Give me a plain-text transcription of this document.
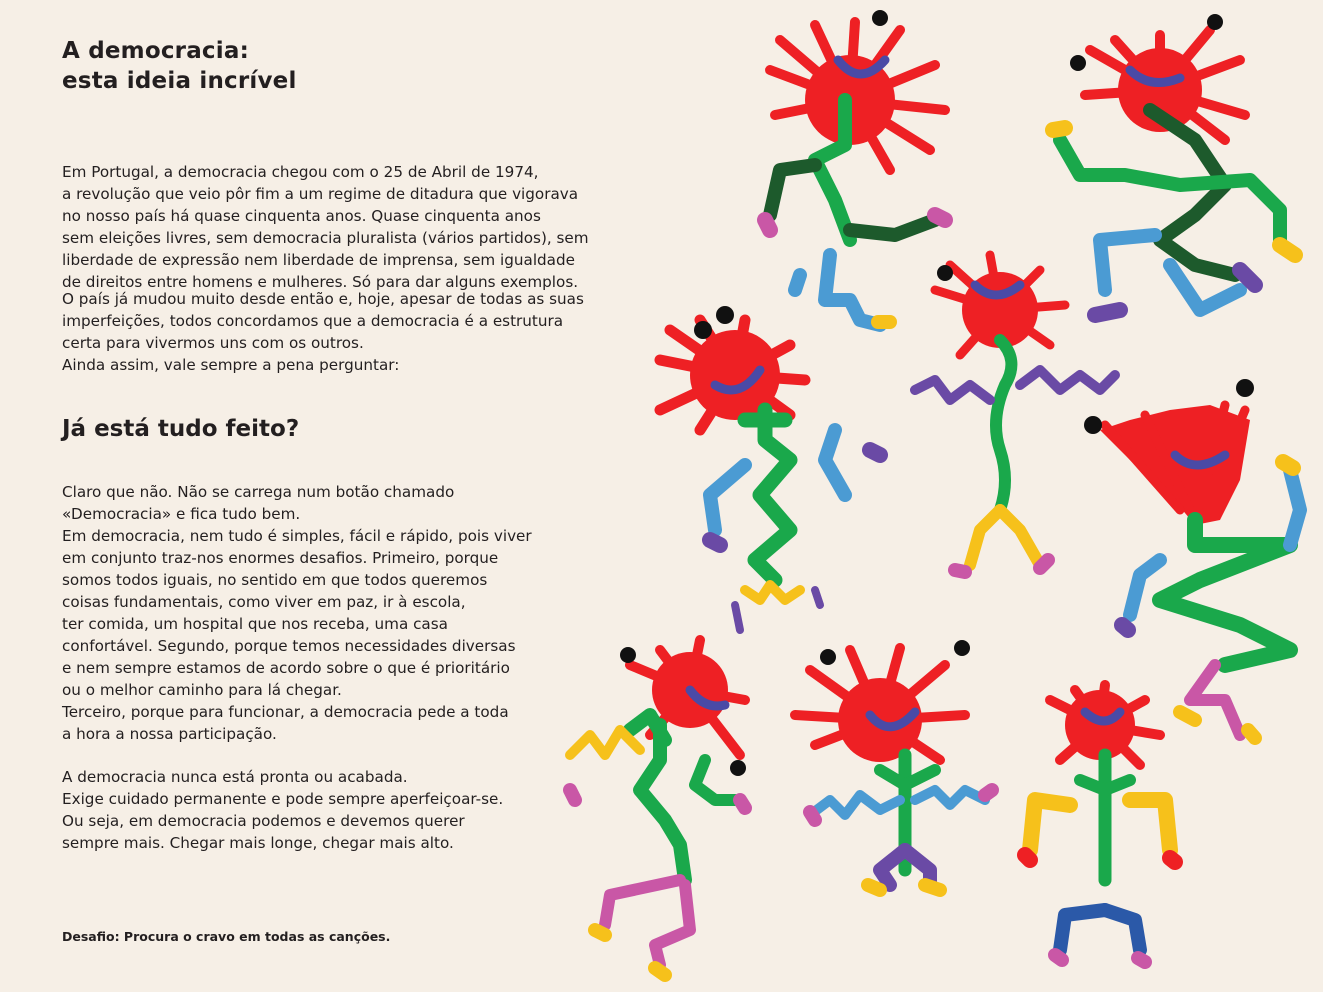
A democracia:
esta ideia incrível

Em Portugal, a democracia chegou com o 25 de Abril de 1974,
a revolução que veio pôr fim a um regime de ditadura que vigorava
no nosso país há quase cinquenta anos. Quase cinquenta anos
sem eleições livres, sem democracia pluralista (vários partidos), sem
liberdade de expressão nem liberdade de imprensa, sem igualdade
de direitos entre homens e mulheres. Só para dar alguns exemplos.

O país já mudou muito desde então e, hoje, apesar de todas as suas
imperfeições, todos concordamos que a democracia é a estrutura
certa para vivermos uns com os outros.
Ainda assim, vale sempre a pena perguntar:

Já está tudo feito?

Claro que não. Não se carrega num botão chamado
«Democracia» e fica tudo bem.
Em democracia, nem tudo é simples, fácil e rápido, pois viver
em conjunto traz-nos enormes desafios. Primeiro, porque
somos todos iguais, no sentido em que todos queremos
coisas fundamentais, como viver em paz, ir à escola,
ter comida, um hospital que nos receba, uma casa
confortável. Segundo, porque temos necessidades diversas
e nem sempre estamos de acordo sobre o que é prioritário
ou o melhor caminho para lá chegar.
Terceiro, porque para funcionar, a democracia pede a toda
a hora a nossa participação.

A democracia nunca está pronta ou acabada.
Exige cuidado permanente e pode sempre aperfeiçoar-se.
Ou seja, em democracia podemos e devemos querer
sempre mais. Chegar mais longe, chegar mais alto.

Desafio: Procura o cravo em todas as canções.
